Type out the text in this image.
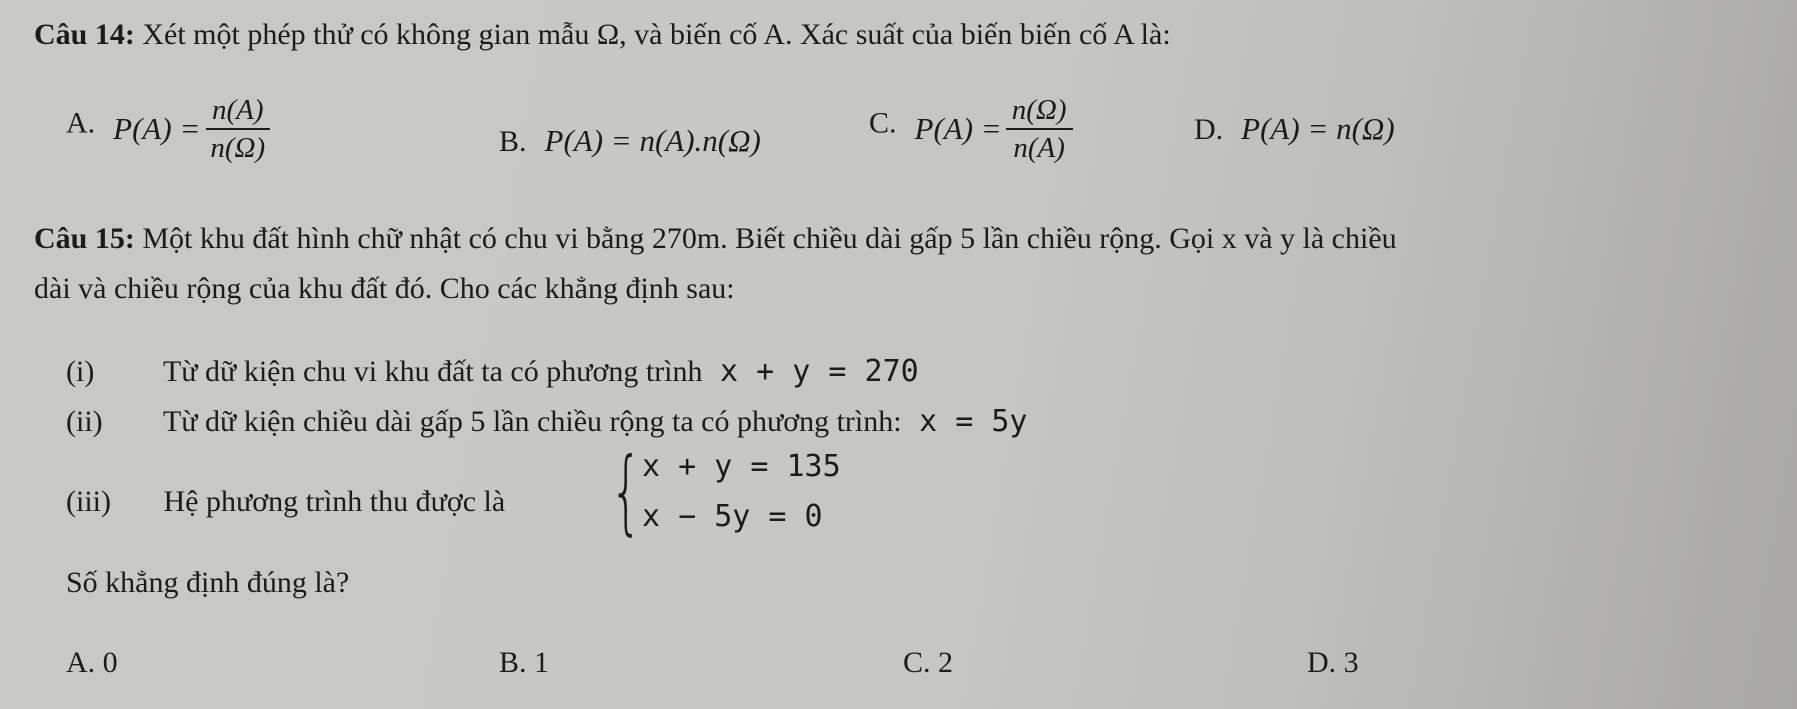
Câu 14: Xét một phép thử có không gian mẫu Ω, và biến cố A. Xác suất của biến biến cố A là:
A. $P(A) = \frac{n(A)}{n(\Omega)}$	B. P(A) = n(A).n(Ω)	C. $P(A) = \frac{n(\Omega)}{n(A)}$	D. P(A) = n(Ω)
Câu 15: Một khu đất hình chữ nhật có chu vi bằng 270m. Biết chiều dài gấp 5 lần chiều rộng. Gọi x và y là chiều
dài và chiều rộng của khu đất đó. Cho các khẳng định sau:
(i) Từ dữ kiện chu vi khu đất ta có phương trình x + y = 270
(ii) Từ dữ kiện chiều dài gấp 5 lần chiều rộng ta có phương trình: x = 5y
(iii) Hệ phương trình thu được là { x + y = 135
x − 5y = 0
Số khẳng định đúng là?
A. 0	B. 1	C. 2	D. 3
